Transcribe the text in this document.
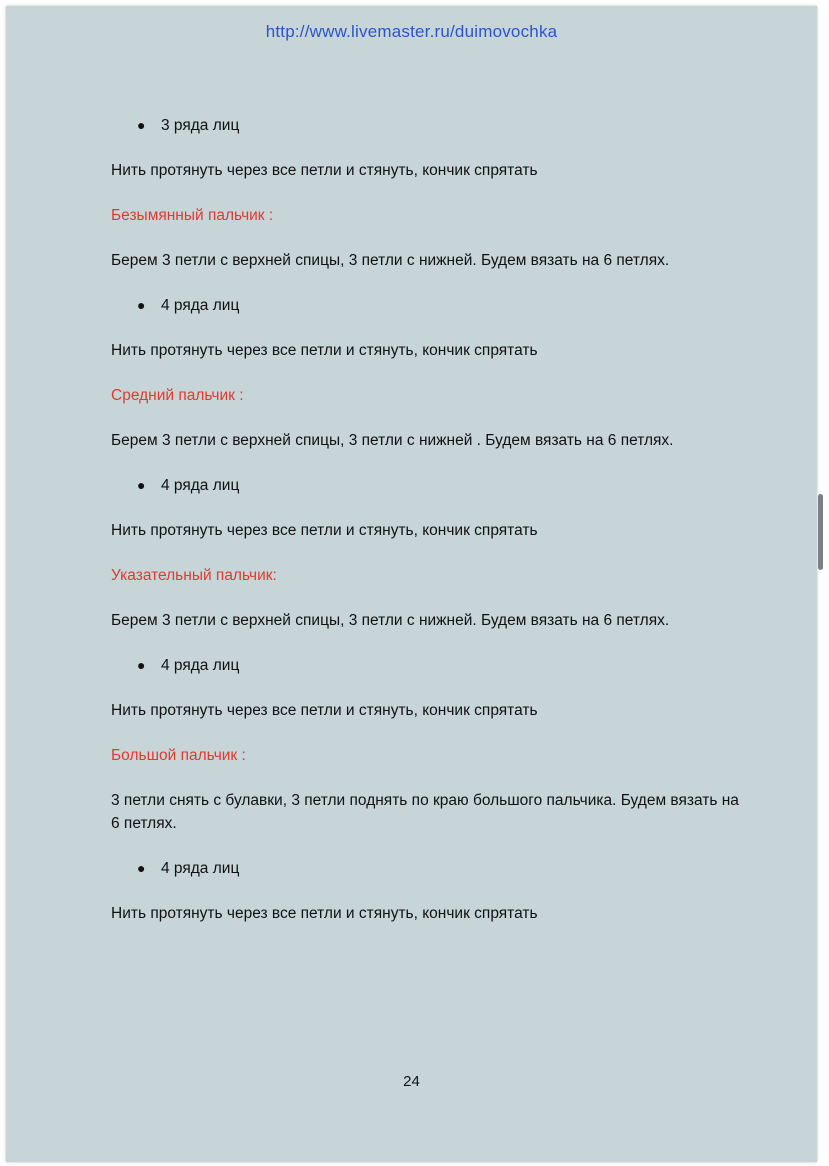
http://www.livemaster.ru/duimovochka
● 3 ряда лиц

Нить протянуть через все петли и стянуть, кончик спрятать

Безымянный пальчик :

Берем 3 петли с верхней спицы, 3 петли с нижней. Будем вязать на 6 петлях.

● 4 ряда лиц

Нить протянуть через все петли и стянуть, кончик спрятать

Средний пальчик :

Берем 3 петли с верхней спицы, 3 петли с нижней . Будем вязать на 6 петлях.

● 4 ряда лиц

Нить протянуть через все петли и стянуть, кончик спрятать

Указательный пальчик:

Берем 3 петли с верхней спицы, 3 петли с нижней. Будем вязать на 6 петлях.

● 4 ряда лиц

Нить протянуть через все петли и стянуть, кончик спрятать

Большой пальчик :

3 петли снять с булавки, 3 петли поднять по краю большого пальчика. Будем вязать на 6 петлях.

● 4 ряда лиц

Нить протянуть через все петли и стянуть, кончик спрятать

24
